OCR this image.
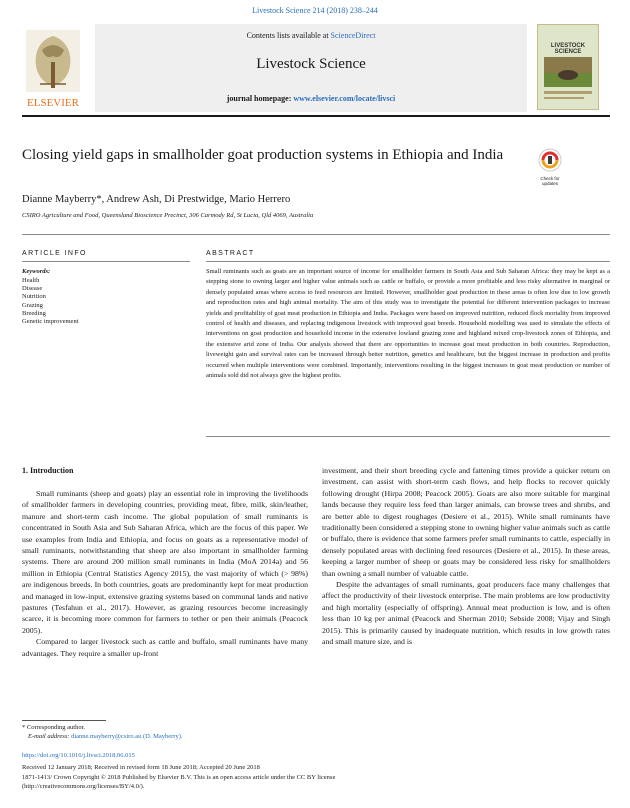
Livestock Science 214 (2018) 238–244
Contents lists available at ScienceDirect
Livestock Science
journal homepage: www.elsevier.com/locate/livsci
ELSEVIER
LIVESTOCK SCIENCE
Closing yield gaps in smallholder goat production systems in Ethiopia and India
Check for updates
Dianne Mayberry*, Andrew Ash, Di Prestwidge, Mario Herrero
CSIRO Agriculture and Food, Queensland Bioscience Precinct, 306 Carmody Rd, St Lucia, Qld 4069, Australia
ARTICLE INFO
Keywords:
Health
Disease
Nutrition
Grazing
Breeding
Genetic improvement
ABSTRACT
Small ruminants such as goats are an important source of income for smallholder farmers in South Asia and Sub Saharan Africa: they may be kept as a stepping stone to owning larger and higher value animals such as cattle or buffalo, or provide a more profitable and less risky alternative in marginal or densely populated areas where access to feed resources are limited. However, smallholder goat production in these areas is often low due to low growth and reproduction rates and high animal mortality. The aim of this study was to investigate the potential for different intervention packages to increase yields and profitability of goat meat production in Ethiopia and India. Packages were based on improved nutrition, reduced flock mortality from improved control of health and diseases, and replacing indigenous livestock with improved goat breeds. Household modelling was used to simulate the effects of interventions on goat production and household income in the extensive lowland grazing zone and highland mixed crop-livestock zones of Ethiopia, and the extensive arid zone of India. Our analysis showed that there are opportunities to increase goat meat production in both countries. Reproduction, liveweight gain and survival rates can be increased through better nutrition, genetics and healthcare, but the biggest increase in production and profits occurred when multiple interventions were combined. Importantly, interventions resulting in the biggest increases in goat meat production or number of animals sold did not always give the highest profits.
1. Introduction

Small ruminants (sheep and goats) play an essential role in improving the livelihoods of smallholder farmers in developing countries, providing meat, fibre, milk, skin/leather, manure and short-term cash income. The global population of small ruminants is concentrated in South Asia and Sub Saharan Africa, which are the focus of this paper. We use examples from India and Ethiopia, and focus on goats as a representative model of small ruminants, notwithstanding that sheep are also important in smallholder farming systems. There are around 200 million small ruminants in India (MoA 2014a) and 56 million in Ethiopia (Central Statistics Agency 2015), the vast majority of which (> 98%) are indigenous breeds. In both countries, goats are predominantly kept for meat production and managed in low-input, extensive grazing systems based on communal lands and native pastures (Tesfahun et al., 2017). However, as grazing resources become increasingly scarce, it is becoming more common for farmers to tether or pen their animals (Peacock 2005).

Compared to larger livestock such as cattle and buffalo, small ruminants have many advantages. They require a smaller up-front

investment, and their short breeding cycle and fattening times provide a quicker return on investment, can assist with short-term cash flows, and help flocks to recover quickly following drought (Hirpa 2008; Peacock 2005). Goats are also more suitable for marginal lands because they require less feed than larger animals, can browse trees and shrubs, and are better able to digest roughages (Desiere et al., 2015). While small ruminants have traditionally been considered a stepping stone to owning higher value animals such as cattle or buffalo, there is evidence that some farmers prefer small ruminants to cattle, especially in densely populated areas with declining feed resources (Desiere et al., 2015). In these areas, keeping a larger number of sheep or goats may be considered less risky for smallholders than owning a small number of valuable cattle.

Despite the advantages of small ruminants, goat producers face many challenges that affect the productivity of their livestock enterprise. The main problems are low productivity and high mortality (especially of offspring). Annual meat production is low, and is often less than 10 kg per animal (Peacock and Sherman 2010; Sebside 2008; Vijay and Singh 2015). This is primarily caused by inadequate nutrition, which results in low growth rates and small mature size, and is

* Corresponding author.
E-mail address: dianne.mayberry@csiro.au (D. Mayberry).
https://doi.org/10.1016/j.livsci.2018.06.015
Received 12 January 2018; Received in revised form 18 June 2018; Accepted 20 June 2018
1871-1413/ Crown Copyright © 2018 Published by Elsevier B.V. This is an open access article under the CC BY license (http://creativecommons.org/licenses/BY/4.0/).
